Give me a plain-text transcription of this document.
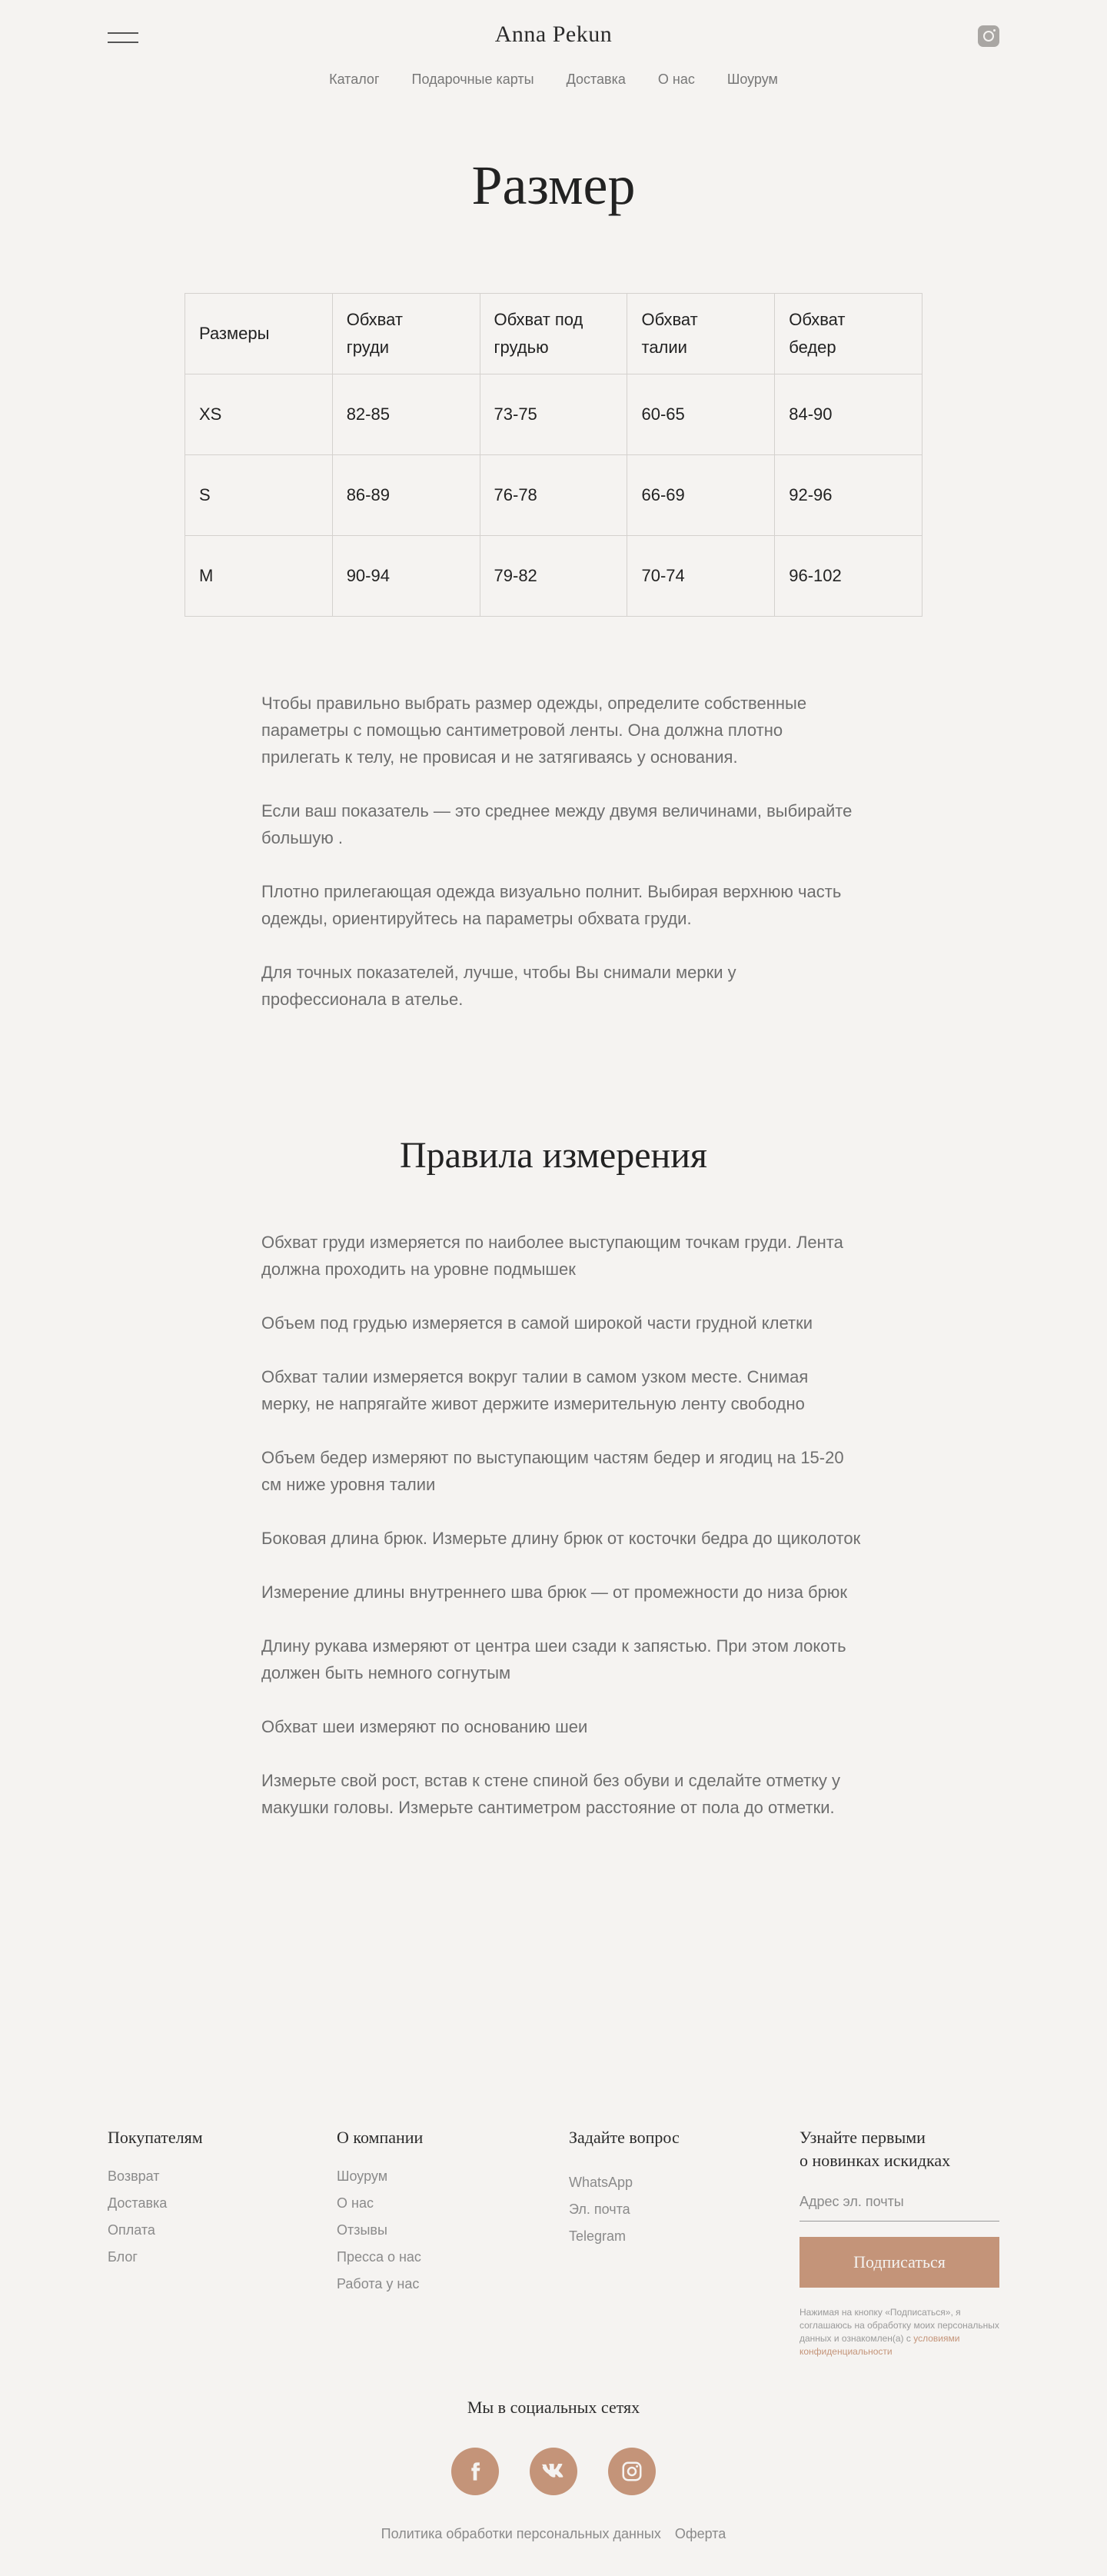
Anna Pekun
Каталог Подарочные карты Доставка О нас Шоурум
Размер
Размеры	Обхват груди	Обхват под грудью	Обхват талии	Обхват бедер

XS	82-85	73-75	60-65	84-90
S	86-89	76-78	66-69	92-96
M	90-94	79-82	70-74	96-102

Чтобы правильно выбрать размер одежды, определите собственные параметры с помощью сантиметровой ленты. Она должна плотно прилегать к телу, не провисая и не затягиваясь у основания.

Если ваш показатель — это среднее между двумя величинами, выбирайте большую .

Плотно прилегающая одежда визуально полнит. Выбирая верхнюю часть одежды, ориентируйтесь на параметры обхвата груди.

Для точных показателей, лучше, чтобы Вы снимали мерки у профессионала в ателье.

Правила измерения

Обхват груди измеряется по наиболее выступающим точкам груди. Лента должна проходить на уровне подмышек

Объем под грудью измеряется в самой широкой части грудной клетки

Обхват талии измеряется вокруг талии в самом узком месте. Снимая мерку, не напрягайте живот держите измерительную ленту свободно

Объем бедер измеряют по выступающим частям бедер и ягодиц на 15-20 см ниже уровня талии

Боковая длина брюк. Измерьте длину брюк от косточки бедра до щиколоток

Измерение длины внутреннего шва брюк — от промежности до низа брюк

Длину рукава измеряют от центра шеи сзади к запястью. При этом локоть должен быть немного согнутым

Обхват шеи измеряют по основанию шеи

Измерьте свой рост, встав к стене спиной без обуви и сделайте отметку у макушки головы. Измерьте сантиметром расстояние от пола до отметки.

Покупателям
Возврат
Доставка
Оплата
Блог
О компании
Шоурум
О нас
Отзывы
Пресса о нас
Работа у нас
Задайте вопрос
WhatsApp
Эл. почта
Telegram
Узнайте первыми
о новинках искидках
Адрес эл. почты
Подписаться
Нажимая на кнопку «Подписаться», я соглашаюсь на обработку моих персональных данных и ознакомлен(а) с условиями конфиденциальности
Мы в социальных сетях
Политика обработки персональных данных Оферта
